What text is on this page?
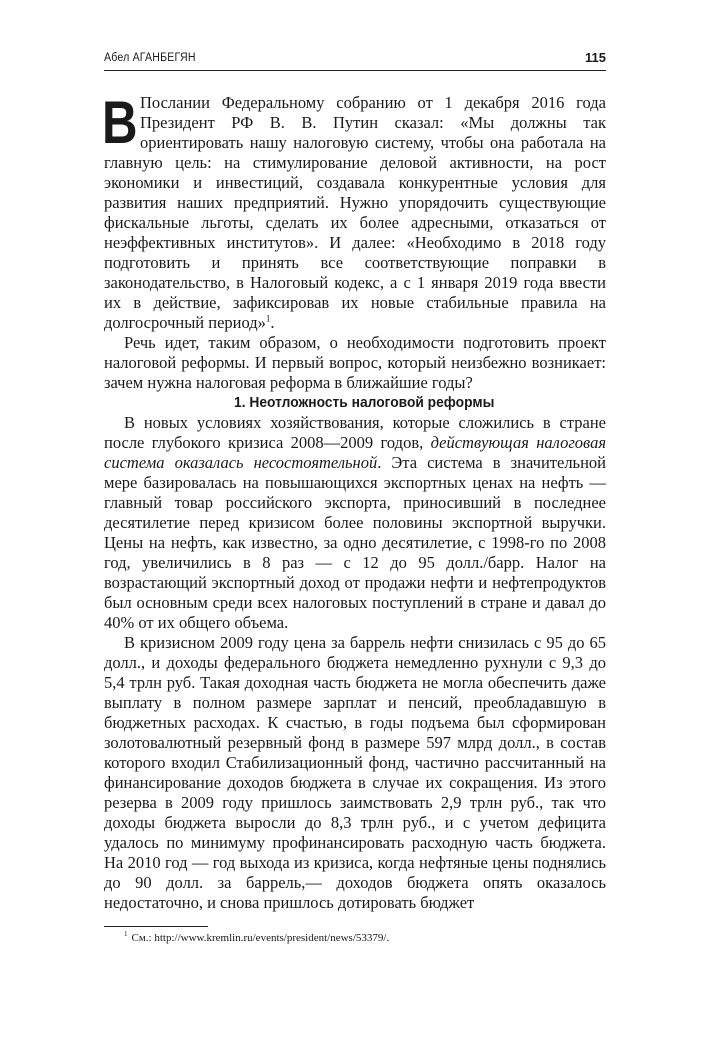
Абел АГАНБЕГЯН	115

В Послании Федеральному собранию от 1 декабря 2016 года Президент РФ В. В. Путин сказал: «Мы должны так ориентировать нашу налоговую систему, чтобы она работала на главную цель: на стимулирование деловой активности, на рост экономики и инвестиций, создавала конкурентные условия для развития наших предприятий. Нужно упорядочить существующие фискальные льготы, сделать их более адресными, отказаться от неэффективных институтов». И далее: «Необходимо в 2018 году подготовить и принять все соответствующие поправки в законодательство, в Налоговый кодекс, а с 1 января 2019 года ввести их в действие, зафиксировав их новые стабильные правила на долгосрочный период»$^1$.

Речь идет, таким образом, о необходимости подготовить проект налоговой реформы. И первый вопрос, который неизбежно возникает: зачем нужна налоговая реформа в ближайшие годы?

1. Неотложность налоговой реформы

В новых условиях хозяйствования, которые сложились в стране после глубокого кризиса 2008—2009 годов, действующая налоговая система оказалась несостоятельной. Эта система в значительной мере базировалась на повышающихся экспортных ценах на нефть — главный товар российского экспорта, приносивший в последнее десятилетие перед кризисом более половины экспортной выручки. Цены на нефть, как известно, за одно десятилетие, с 1998-го по 2008 год, увеличились в 8 раз — с 12 до 95 долл./барр. Налог на возрастающий экспортный доход от продажи нефти и нефтепродуктов был основным среди всех налоговых поступлений в стране и давал до 40% от их общего объема.

В кризисном 2009 году цена за баррель нефти снизилась с 95 до 65 долл., и доходы федерального бюджета немедленно рухнули с 9,3 до 5,4 трлн руб. Такая доходная часть бюджета не могла обеспечить даже выплату в полном размере зарплат и пенсий, преобладавшую в бюджетных расходах. К счастью, в годы подъема был сформирован золотовалютный резервный фонд в размере 597 млрд долл., в состав которого входил Стабилизационный фонд, частично рассчитанный на финансирование доходов бюджета в случае их сокращения. Из этого резерва в 2009 году пришлось заимствовать 2,9 трлн руб., так что доходы бюджета выросли до 8,3 трлн руб., и с учетом дефицита удалось по минимуму профинансировать расходную часть бюджета. На 2010 год — год выхода из кризиса, когда нефтяные цены поднялись до 90 долл. за баррель,— доходов бюджета опять оказалось недостаточно, и снова пришлось дотировать бюджет

$^1$ См.: http://www.kremlin.ru/events/president/news/53379/.
